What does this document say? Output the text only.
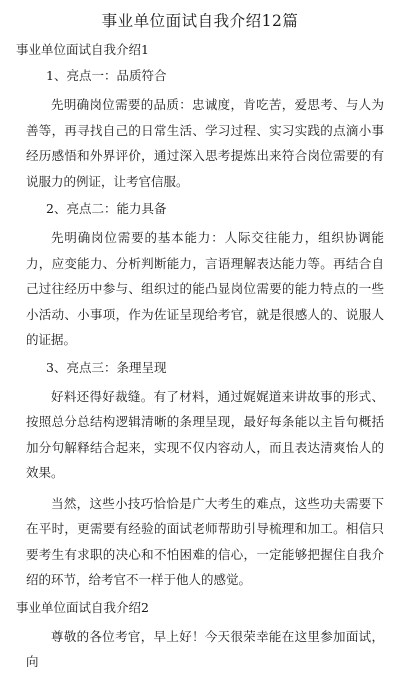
事业单位面试自我介绍12篇
事业单位面试自我介绍1
1、亮点一：品质符合

先明确岗位需要的品质：忠诚度，肯吃苦，爱思考、与人为善等，再寻找自己的日常生活、学习过程、实习实践的点滴小事经历感悟和外界评价，通过深入思考提炼出来符合岗位需要的有说服力的例证，让考官信服。

2、亮点二：能力具备

先明确岗位需要的基本能力：人际交往能力，组织协调能力，应变能力、分析判断能力，言语理解表达能力等。再结合自己过往经历中参与、组织过的能凸显岗位需要的能力特点的一些小活动、小事项，作为佐证呈现给考官，就是很感人的、说服人的证据。

3、亮点三：条理呈现

好料还得好裁缝。有了材料，通过娓娓道来讲故事的形式、按照总分总结构逻辑清晰的条理呈现，最好每条能以主旨句概括加分句解释结合起来，实现不仅内容动人，而且表达清爽怡人的效果。

当然，这些小技巧恰恰是广大考生的难点，这些功夫需要下在平时，更需要有经验的面试老师帮助引导梳理和加工。相信只要考生有求职的决心和不怕困难的信心，一定能够把握住自我介绍的环节，给考官不一样于他人的感觉。

事业单位面试自我介绍2

尊敬的各位考官，早上好！今天很荣幸能在这里参加面试，向
